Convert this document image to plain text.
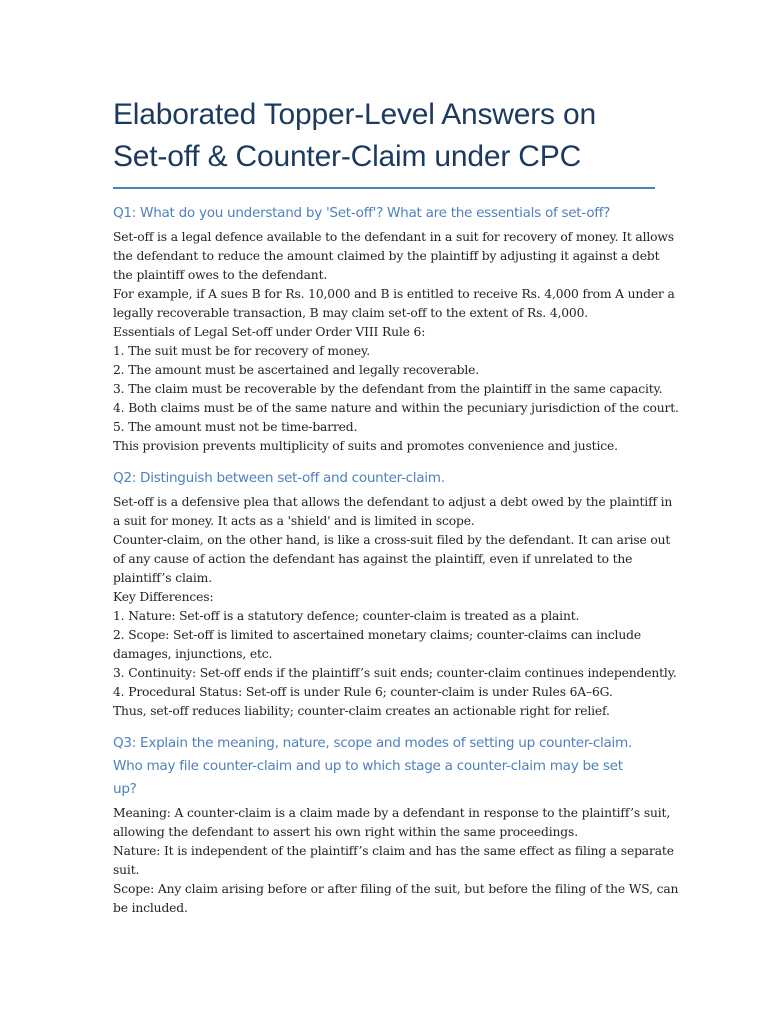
Elaborated Topper-Level Answers on
Set-off & Counter-Claim under CPC
Q1: What do you understand by 'Set-off'? What are the essentials of set-off?
Set-off is a legal defence available to the defendant in a suit for recovery of money. It allows
the defendant to reduce the amount claimed by the plaintiff by adjusting it against a debt
the plaintiff owes to the defendant.
For example, if A sues B for Rs. 10,000 and B is entitled to receive Rs. 4,000 from A under a
legally recoverable transaction, B may claim set-off to the extent of Rs. 4,000.
Essentials of Legal Set-off under Order VIII Rule 6:
1. The suit must be for recovery of money.
2. The amount must be ascertained and legally recoverable.
3. The claim must be recoverable by the defendant from the plaintiff in the same capacity.
4. Both claims must be of the same nature and within the pecuniary jurisdiction of the court.
5. The amount must not be time-barred.
This provision prevents multiplicity of suits and promotes convenience and justice.
Q2: Distinguish between set-off and counter-claim.
Set-off is a defensive plea that allows the defendant to adjust a debt owed by the plaintiff in
a suit for money. It acts as a 'shield' and is limited in scope.
Counter-claim, on the other hand, is like a cross-suit filed by the defendant. It can arise out
of any cause of action the defendant has against the plaintiff, even if unrelated to the
plaintiff’s claim.
Key Differences:
1. Nature: Set-off is a statutory defence; counter-claim is treated as a plaint.
2. Scope: Set-off is limited to ascertained monetary claims; counter-claims can include
damages, injunctions, etc.
3. Continuity: Set-off ends if the plaintiff’s suit ends; counter-claim continues independently.
4. Procedural Status: Set-off is under Rule 6; counter-claim is under Rules 6A–6G.
Thus, set-off reduces liability; counter-claim creates an actionable right for relief.
Q3: Explain the meaning, nature, scope and modes of setting up counter-claim.
Who may file counter-claim and up to which stage a counter-claim may be set
up?
Meaning: A counter-claim is a claim made by a defendant in response to the plaintiff’s suit,
allowing the defendant to assert his own right within the same proceedings.
Nature: It is independent of the plaintiff’s claim and has the same effect as filing a separate
suit.
Scope: Any claim arising before or after filing of the suit, but before the filing of the WS, can
be included.
